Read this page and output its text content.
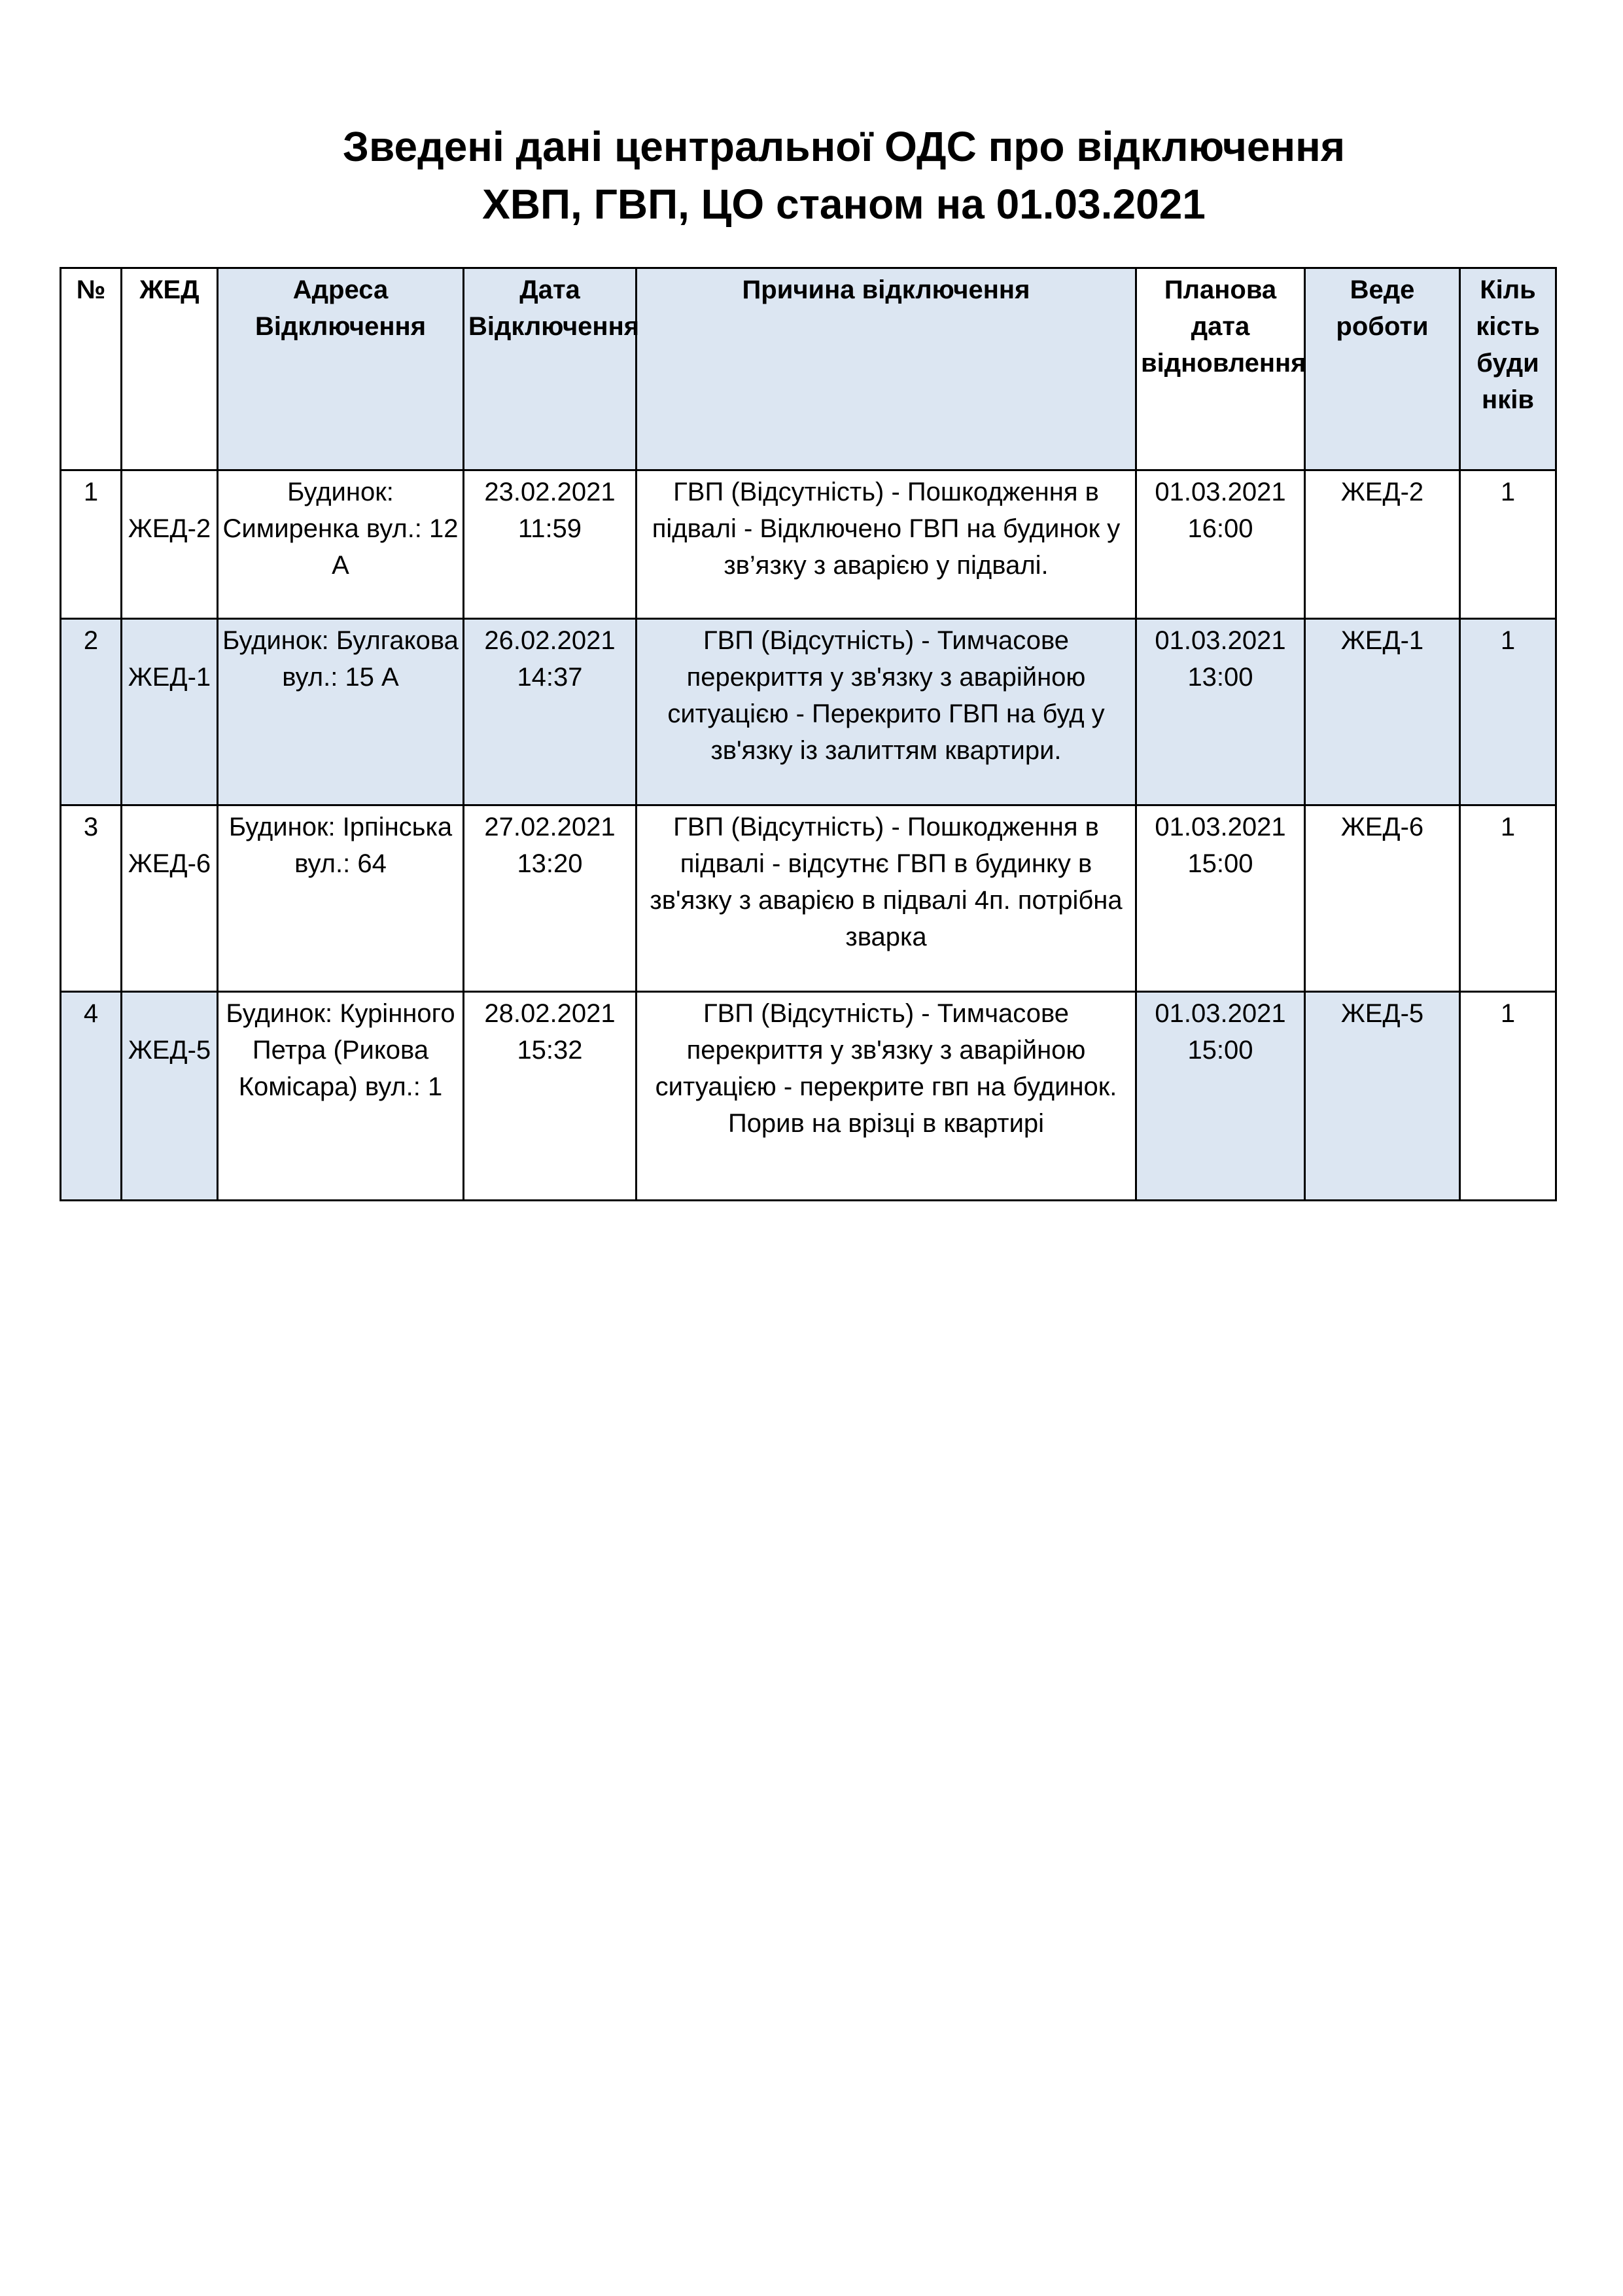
Зведені дані центральної ОДС про відключення
ХВП, ГВП, ЦО станом на 01.03.2021
№	ЖЕД	Адреса Відключення	Дата Відключення	Причина відключення	Планова дата відновлення	Веде роботи	Кіль кість буди нків
1	ЖЕД-2	Будинок: Симиренка вул.: 12 А	23.02.2021 11:59	ГВП (Відсутність) - Пошкодження в підвалі - Відключено ГВП на будинок у зв’язку з аварією у підвалі.	01.03.2021 16:00	ЖЕД-2	1
2	ЖЕД-1	Будинок: Булгакова вул.: 15 А	26.02.2021 14:37	ГВП (Відсутність) - Тимчасове перекриття у зв'язку з аварійною ситуацією - Перекрито ГВП на буд у зв'язку із залиттям квартири.	01.03.2021 13:00	ЖЕД-1	1
3	ЖЕД-6	Будинок: Ірпінська вул.: 64	27.02.2021 13:20	ГВП (Відсутність) - Пошкодження в підвалі - відсутнє ГВП в будинку в зв'язку з аварією в підвалі 4п. потрібна зварка	01.03.2021 15:00	ЖЕД-6	1
4	ЖЕД-5	Будинок: Курінного Петра (Рикова Комісара) вул.: 1	28.02.2021 15:32	ГВП (Відсутність) - Тимчасове перекриття у зв'язку з аварійною ситуацією - перекрите гвп на будинок. Порив на врізці в квартирі	01.03.2021 15:00	ЖЕД-5	1
